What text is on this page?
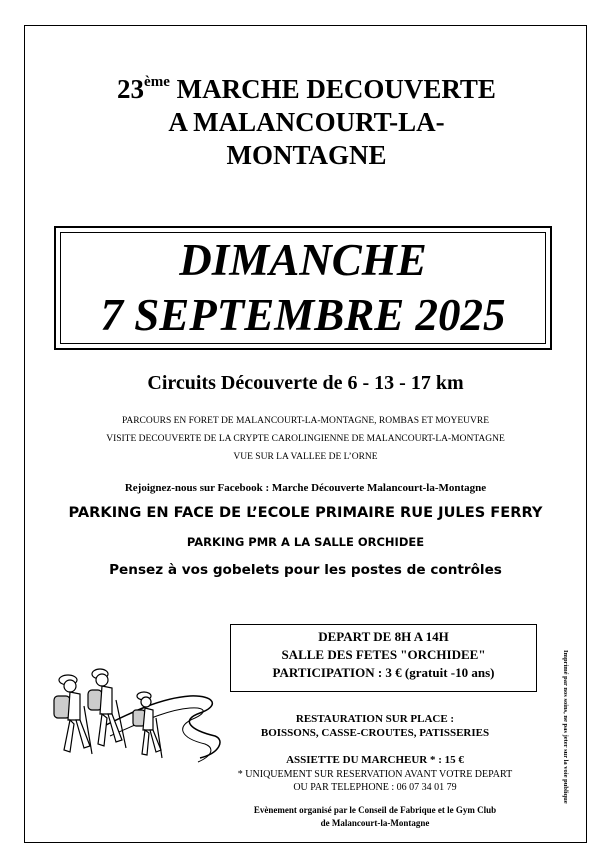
23ème MARCHE DECOUVERTE
A MALANCOURT-LA-
MONTAGNE
DIMANCHE
7 SEPTEMBRE 2025
Circuits Découverte de 6 - 13 - 17 km
PARCOURS EN FORET DE MALANCOURT-LA-MONTAGNE, ROMBAS ET MOYEUVRE
VISITE DECOUVERTE DE LA CRYPTE CAROLINGIENNE DE MALANCOURT-LA-MONTAGNE
VUE SUR LA VALLEE DE L’ORNE
Rejoignez-nous sur Facebook : Marche Découverte Malancourt-la-Montagne
PARKING EN FACE DE L’ECOLE PRIMAIRE RUE JULES FERRY
PARKING PMR A LA SALLE ORCHIDEE
Pensez à vos gobelets pour les postes de contrôles
DEPART DE 8H A 14H
SALLE DES FETES "ORCHIDEE"
PARTICIPATION : 3 € (gratuit -10 ans)
RESTAURATION SUR PLACE :
BOISSONS, CASSE-CROUTES, PATISSERIES
ASSIETTE DU MARCHEUR * : 15 €
* UNIQUEMENT SUR RESERVATION AVANT VOTRE DEPART
OU PAR TELEPHONE : 06 07 34 01 79
Evènement organisé par le Conseil de Fabrique et le Gym Club
de Malancourt-la-Montagne
Imprimé par nos soins, ne pas jeter sur la voie publique
